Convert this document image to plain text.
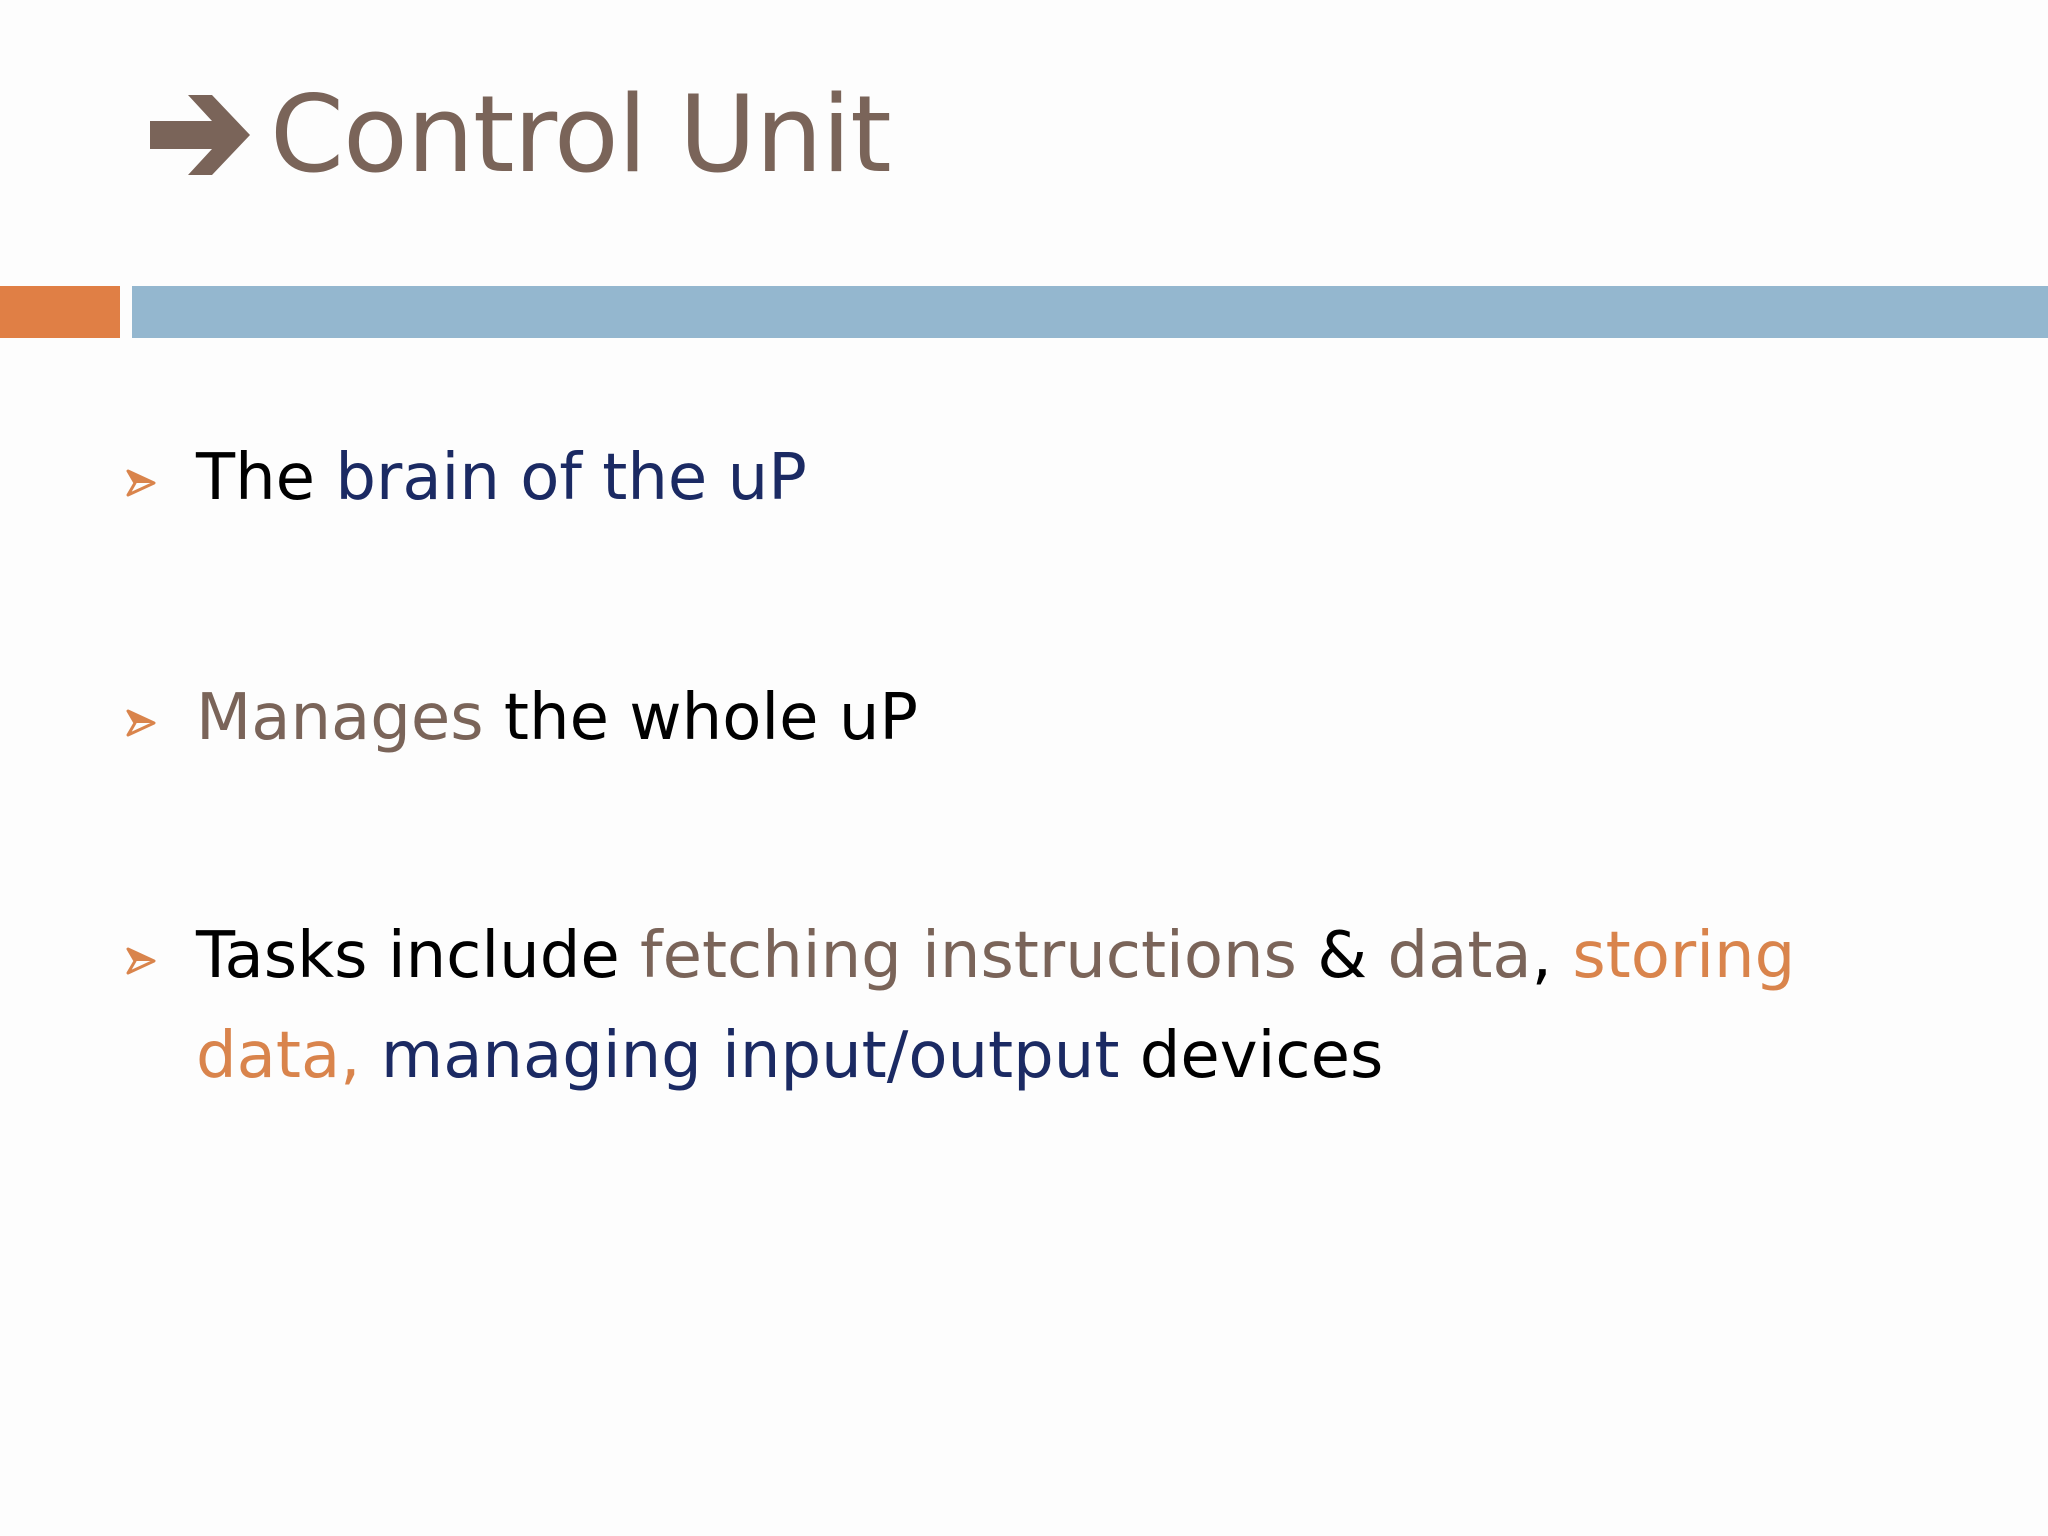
Control Unit
The brain of the uP
Manages the whole uP
Tasks include fetching instructions & data, storing data, managing input/output devices
